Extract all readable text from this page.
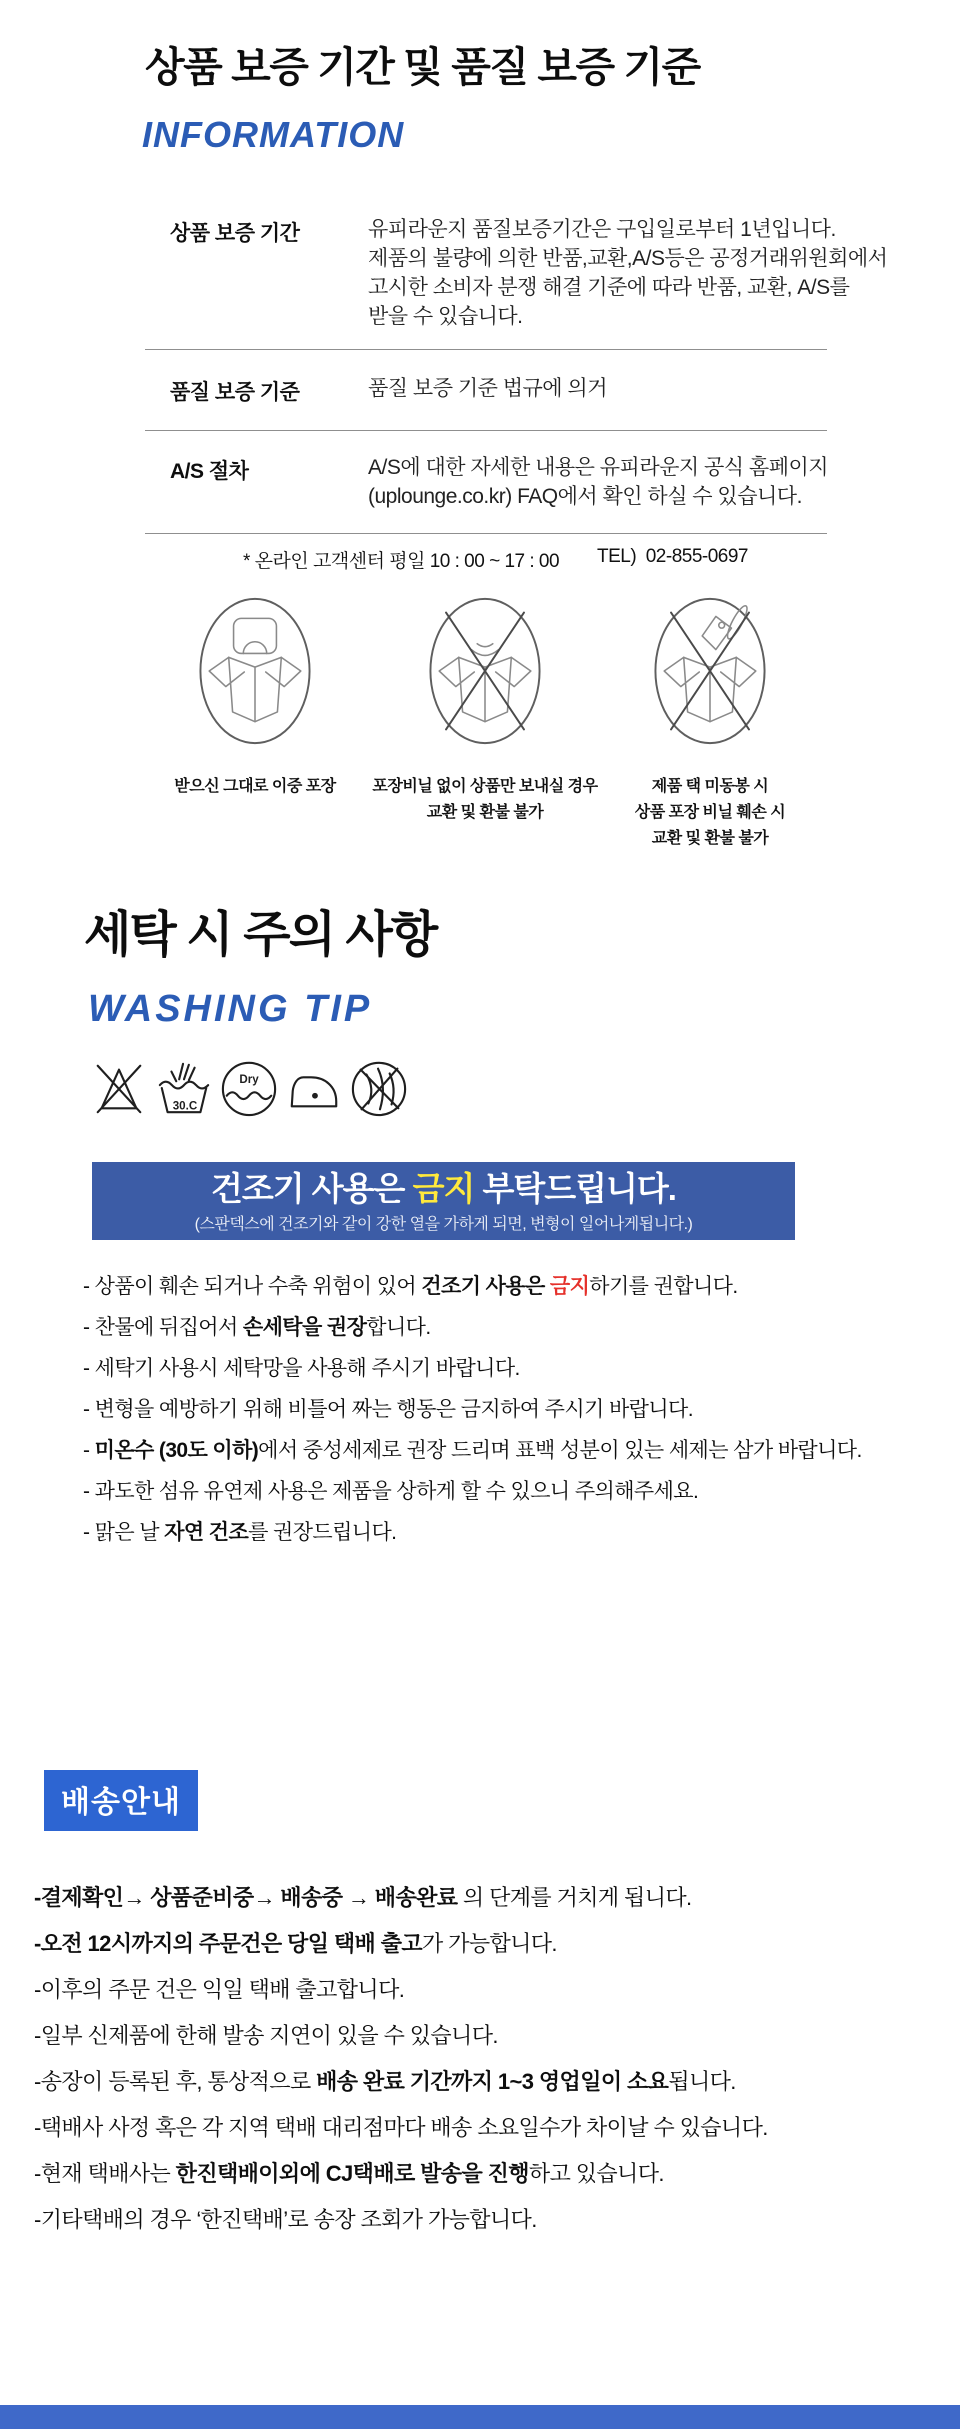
상품 보증 기간 및 품질 보증 기준
INFORMATION
상품 보증 기간	유피라운지 품질보증기간은 구입일로부터 1년입니다.
제품의 불량에 의한 반품,교환,A/S등은 공정거래위원회에서
고시한 소비자 분쟁 해결 기준에 따라 반품, 교환, A/S를
받을 수 있습니다.
품질 보증 기준	품질 보증 기준 법규에 의거
A/S 절차	A/S에 대한 자세한 내용은 유피라운지 공식 홈페이지
(uplounge.co.kr) FAQ에서 확인 하실 수 있습니다.
* 온라인 고객센터 평일 10 : 00 ~ 17 : 00 TEL)  02-855-0697
받으신 그대로 이중 포장	포장비닐 없이 상품만 보내실 경우
교환 및 환불 불가
제품 택 미동봉 시
상품 포장 비닐 훼손 시
교환 및 환불 불가
세탁 시 주의 사항
WASHING TIP
30.C
Dry
건조기 사용은 금지 부탁드립니다.
(스판덱스에 건조기와 같이 강한 열을 가하게 되면, 변형이 일어나게됩니다.)
- 상품이 훼손 되거나 수축 위험이 있어 건조기 사용은 금지하기를 권합니다.
- 찬물에 뒤집어서 손세탁을 권장합니다.
- 세탁기 사용시 세탁망을 사용해 주시기 바랍니다.
- 변형을 예방하기 위해 비틀어 짜는 행동은 금지하여 주시기 바랍니다.
- 미온수 (30도 이하)에서 중성세제로 권장 드리며 표백 성분이 있는 세제는 삼가 바랍니다.
- 과도한 섬유 유연제 사용은 제품을 상하게 할 수 있으니 주의해주세요.
- 맑은 날 자연 건조를 권장드립니다.
배송안내
-결제확인→ 상품준비중→ 배송중 → 배송완료 의 단계를 거치게 됩니다.
-오전 12시까지의 주문건은 당일 택배 출고가 가능합니다.
-이후의 주문 건은 익일 택배 출고합니다.
-일부 신제품에 한해 발송 지연이 있을 수 있습니다.
-송장이 등록된 후, 통상적으로 배송 완료 기간까지 1~3 영업일이 소요됩니다.
-택배사 사정 혹은 각 지역 택배 대리점마다 배송 소요일수가 차이날 수 있습니다.
-현재 택배사는 한진택배이외에 CJ택배로 발송을 진행하고 있습니다.
-기타택배의 경우 ‘한진택배’로 송장 조회가 가능합니다.
